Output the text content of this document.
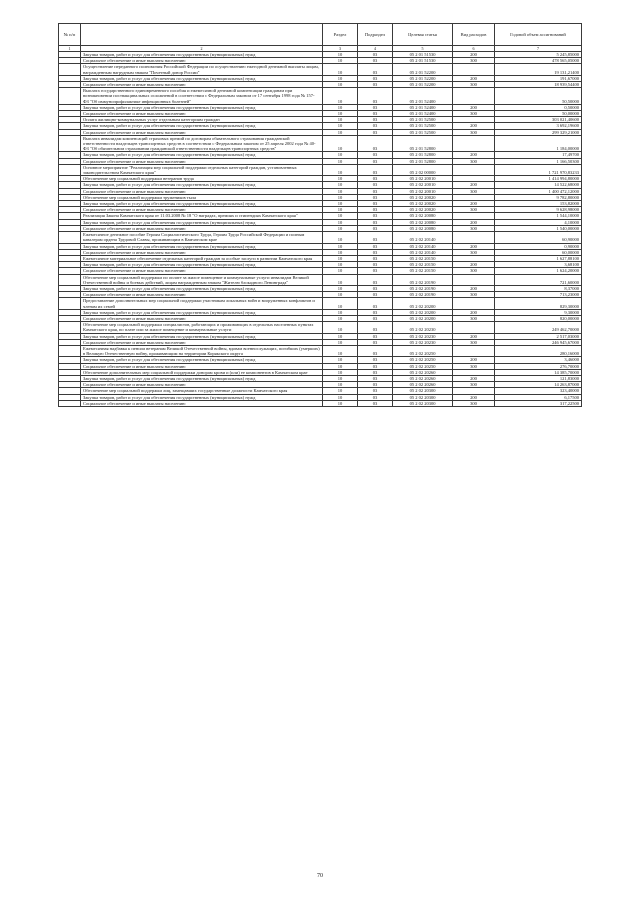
№ п/п		Раздел	Подраздел	Целевая статья	Вид расходов	Годовой объем ассигнований
1	2	3	4	5	6	7
	Закупка товаров, работ и услуг для обеспечения государственных (муниципальных) нужд	10	03	05 2 01 51530	200	5 245,85000
	Социальное обеспечение и иные выплаты населению	10	03	05 2 01 51530	300	478 565,05000
	Осуществление переданного полномочия Российской Федерации по осуществлению ежегодной денежной выплаты лицам, награжденным нагрудным знаком "Почетный донор России"	10	03	05 2 01 52200		19 131,21400
	Закупка товаров, работ и услуг для обеспечения государственных (муниципальных) нужд	10	03	05 2 01 52200	200	191,67000
	Социальное обеспечение и иные выплаты населению	10	03	05 2 01 52200	300	18 939,54400
	Выплата государственного единовременного пособия и ежемесячной денежной компенсации гражданам при возникновении поствакцинальных осложнений в соответствии с Федеральным законом от 17 сентября 1998 года № 157-ФЗ "Об иммунопрофилактике инфекционных болезней"	10	03	05 2 01 52400		50,50000
	Закупка товаров, работ и услуг для обеспечения государственных (муниципальных) нужд	10	03	05 2 01 52400	200	0,50000
	Социальное обеспечение и иные выплаты населению	10	03	05 2 01 52400	300	50,00000
	Оплата жилищно-коммунальных услуг отдельным категориям граждан	10	03	05 2 01 52500		303 021,40600
	Закупка товаров, работ и услуг для обеспечения государственных (муниципальных) нужд	10	03	05 2 01 52500	200	3 692,19600
	Социальное обеспечение и иные выплаты населению	10	03	05 2 01 52500	300	299 329,21000
	Выплата инвалидам компенсаций страховых премий по договорам обязательного страхования гражданской ответственности владельцев транспортных средств в соответствии с Федеральным законом от 25 апреля 2002 года № 40-ФЗ "Об обязательном страховании гражданской ответственности владельцев транспортных средств"	10	03	05 2 01 52800		1 184,00000
	Закупка товаров, работ и услуг для обеспечения государственных (муниципальных) нужд	10	03	05 2 01 52800	200	17,49700
	Социальное обеспечение и иные выплаты населению	10	03	05 2 01 52800	300	1 166,50300
	Основное мероприятие "Реализация мер социальной поддержки отдельных категорий граждан, установленных законодательством Камчатского края"	10	03	05 2 02 00000		1 721 970,83233
	Обеспечение мер социальной поддержки ветеранов труда	10	03	05 2 02 20010		1 414 994,80000
	Закупка товаров, работ и услуг для обеспечения государственных (муниципальных) нужд	10	03	05 2 02 20010	200	14 522,68000
	Социальное обеспечение и иные выплаты населению	10	03	05 2 02 20010	300	1 400 472,12000
	Обеспечение мер социальной поддержки тружеников тыла	10	03	05 2 02 20020		9 782,80000
	Закупка товаров, работ и услуг для обеспечения государственных (муниципальных) нужд	10	03	05 2 02 20020	200	153,82000
	Социальное обеспечение и иные выплаты населению	10	03	05 2 02 20020	300	9 628,98000
	Реализация Закона Камчатского края от 11.03.2008 № 18 "О наградах, премиях и стипендиях Камчатского края"	10	03	05 2 02 20080		1 544,10000
	Закупка товаров, работ и услуг для обеспечения государственных (муниципальных) нужд	10	03	05 2 02 20080	200	4,10000
	Социальное обеспечение и иные выплаты населению	10	03	05 2 02 20080	300	1 540,00000
	Ежемесячное денежное пособие Героям Социалистического Труда, Героям Труда Российской Федерации и полным кавалерам ордена Трудовой Славы, проживающим в Камчатском крае	10	03	05 2 02 20140		60,90000
	Закупка товаров, работ и услуг для обеспечения государственных (муниципальных) нужд	10	03	05 2 02 20140	200	0,90000
	Социальное обеспечение и иные выплаты населению	10	03	05 2 02 20140	300	60,00000
	Ежемесячное материальное обеспечение отдельных категорий граждан за особые заслуги в развитии Камчатского края	10	03	05 2 02 20150		1 627,88100
	Закупка товаров, работ и услуг для обеспечения государственных (муниципальных) нужд	10	03	05 2 02 20150	200	3,68100
	Социальное обеспечение и иные выплаты населению	10	03	05 2 02 20150	300	1 624,20000
	Обеспечение мер социальной поддержки по оплате за жилое помещение и коммунальные услуги инвалидам Великой Отечественной войны и боевых действий, лицам награжденным знаком "Жителю блокадного Ленинграда"	10	03	05 2 02 20190		721,60000
	Закупка товаров, работ и услуг для обеспечения государственных (муниципальных) нужд	10	03	05 2 02 20190	200	8,37000
	Социальное обеспечение и иные выплаты населению	10	03	05 2 02 20190	300	713,23000
	Предоставление дополнительных мер социальной поддержки участникам локальных войн и вооруженных конфликтов и членам их семей	10	03	05 2 02 20200		829,30000
	Закупка товаров, работ и услуг для обеспечения государственных (муниципальных) нужд	10	03	05 2 02 20200	200	9,30000
	Социальное обеспечение и иные выплаты населению	10	03	05 2 02 20200	300	820,00000
	Обеспечение мер социальной поддержки специалистов, работающих и проживающих в отдельных населенных пунктах Камчатского края, по плате или за жилое помещение и коммунальные услуги	10	03	05 2 02 20230		249 462,70000
	Закупка товаров, работ и услуг для обеспечения государственных (муниципальных) нужд	10	03	05 2 02 20230	200	2 517,03000
	Социальное обеспечение и иные выплаты населению	10	03	05 2 02 20230	300	246 945,67000
	Ежемесячная надбавка к пенсии ветеранам Великой Отечественной войны, вдовам военнослужащих, погибших (умерших) в Великую Отечественную войну, проживающим на территории Корякского округа	10	03	05 2 02 20250		280,16000
	Закупка товаров, работ и услуг для обеспечения государственных (муниципальных) нужд	10	03	05 2 02 20250	200	3,46000
	Социальное обеспечение и иные выплаты населению	10	03	05 2 02 20250	300	276,70000
	Обеспечение дополнительных мер социальной поддержки донорам крови и (или) ее компонентов в Камчатском крае	10	03	05 2 02 20260		14 385,70000
	Закупка товаров, работ и услуг для обеспечения государственных (муниципальных) нужд	10	03	05 2 02 20260	200	121,83000
	Социальное обеспечение и иные выплаты населению	10	03	05 2 02 20260	300	14 263,87000
	Обеспечение мер социальной поддержки лиц, замещавших государственные должности Камчатского края	10	03	05 2 02 20300		323,40000
	Закупка товаров, работ и услуг для обеспечения государственных (муниципальных) нужд	10	03	05 2 02 20300	200	6,17500
	Социальное обеспечение и иные выплаты населению	10	03	05 2 02 20300	300	317,22500
70
